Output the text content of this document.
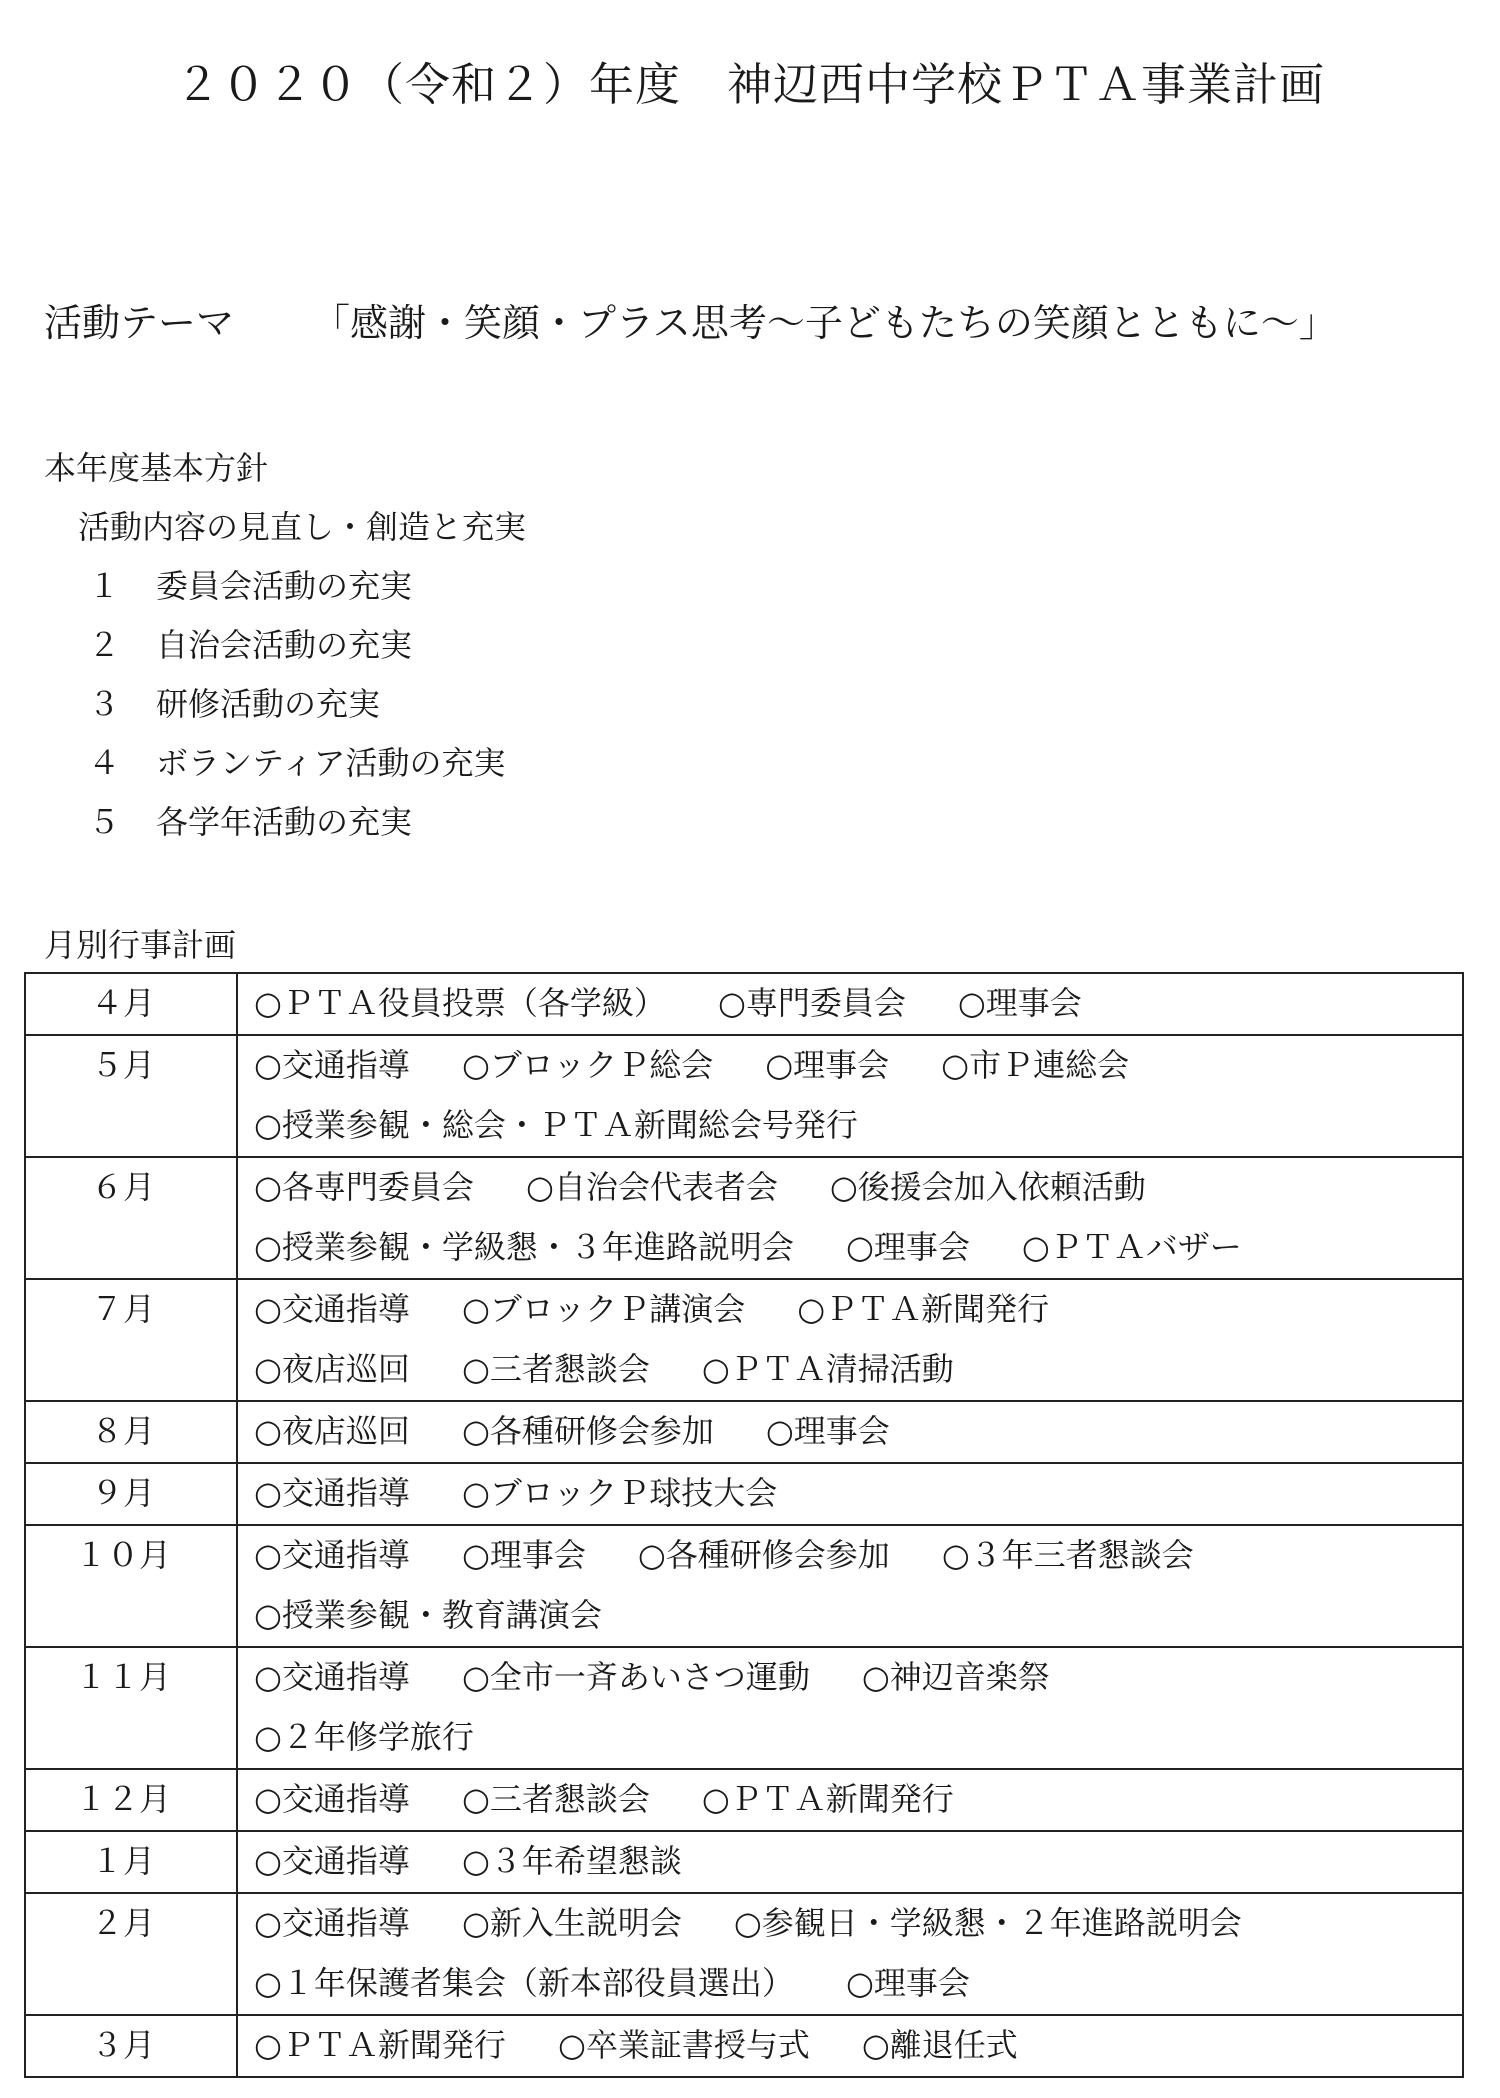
２０２０（令和２）年度　神辺西中学校ＰＴＡ事業計画
活動テーマ 「感謝・笑顔・プラス思考～子どもたちの笑顔とともに～」
本年度基本方針
活動内容の見直し・創造と充実
１ 委員会活動の充実
２ 自治会活動の充実
３ 研修活動の充実
４ ボランティア活動の充実
５ 各学年活動の充実
月別行事計画
４月	○ＰＴＡ役員投票（各学級） ○専門委員会 ○理事会

５月	○交通指導 ○ブロックＰ総会 ○理事会 ○市Ｐ連総会
○授業参観・総会・ＰＴＡ新聞総会号発行

６月	○各専門委員会 ○自治会代表者会 ○後援会加入依頼活動
○授業参観・学級懇・３年進路説明会 ○理事会 ○ＰＴＡバザー

７月	○交通指導 ○ブロックＰ講演会 ○ＰＴＡ新聞発行
○夜店巡回 ○三者懇談会 ○ＰＴＡ清掃活動

８月	○夜店巡回 ○各種研修会参加 ○理事会

９月	○交通指導 ○ブロックＰ球技大会

１０月	○交通指導 ○理事会 ○各種研修会参加 ○３年三者懇談会
○授業参観・教育講演会

１１月	○交通指導 ○全市一斉あいさつ運動 ○神辺音楽祭
○２年修学旅行

１２月	○交通指導 ○三者懇談会 ○ＰＴＡ新聞発行

１月	○交通指導 ○３年希望懇談

２月	○交通指導 ○新入生説明会 ○参観日・学級懇・２年進路説明会
○１年保護者集会（新本部役員選出） ○理事会

３月	○ＰＴＡ新聞発行 ○卒業証書授与式 ○離退任式
